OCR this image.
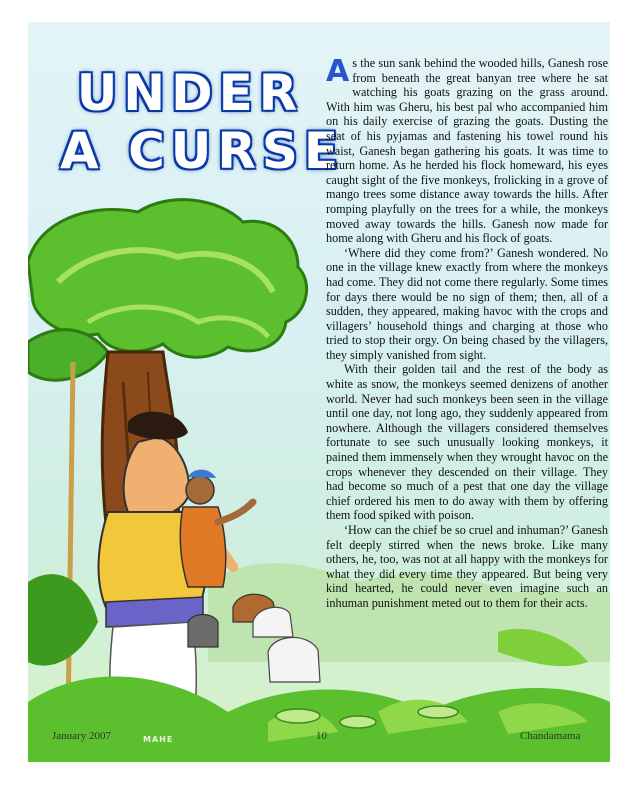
UNDER
A CURSE
MAHE

As the sun sank behind the wooded hills, Ganesh rose from beneath the great banyan tree where he sat watching his goats grazing on the grass around. With him was Gheru, his best pal who accompanied him on his daily exercise of grazing the goats. Dusting the seat of his pyjamas and fastening his towel round his waist, Ganesh began gathering his goats. It was time to return home. As he herded his flock homeward, his eyes caught sight of the five monkeys, frolicking in a grove of mango trees some distance away towards the hills. After romping playfully on the trees for a while, the monkeys moved away towards the hills. Ganesh now made for home along with Gheru and his flock of goats.

‘Where did they come from?’ Ganesh wondered. No one in the village knew exactly from where the monkeys had come. They did not come there regularly. Some times for days there would be no sign of them; then, all of a sudden, they appeared, making havoc with the crops and villagers’ household things and charging at those who tried to stop their orgy. On being chased by the villagers, they simply vanished from sight.

With their golden tail and the rest of the body as white as snow, the monkeys seemed denizens of another world. Never had such monkeys been seen in the village until one day, not long ago, they suddenly appeared from nowhere. Although the villagers considered themselves fortunate to see such unusually looking monkeys, it pained them immensely when they wrought havoc on the crops whenever they descended on their village. They had become so much of a pest that one day the village chief ordered his men to do away with them by offering them food spiked with poison.

‘How can the chief be so cruel and inhuman?’ Ganesh felt deeply stirred when the news broke. Like many others, he, too, was not at all happy with the monkeys for what they did every time they appeared. But being very kind hearted, he could never even imagine such an inhuman punishment meted out to them for their acts.

January 2007	10	Chandamama
